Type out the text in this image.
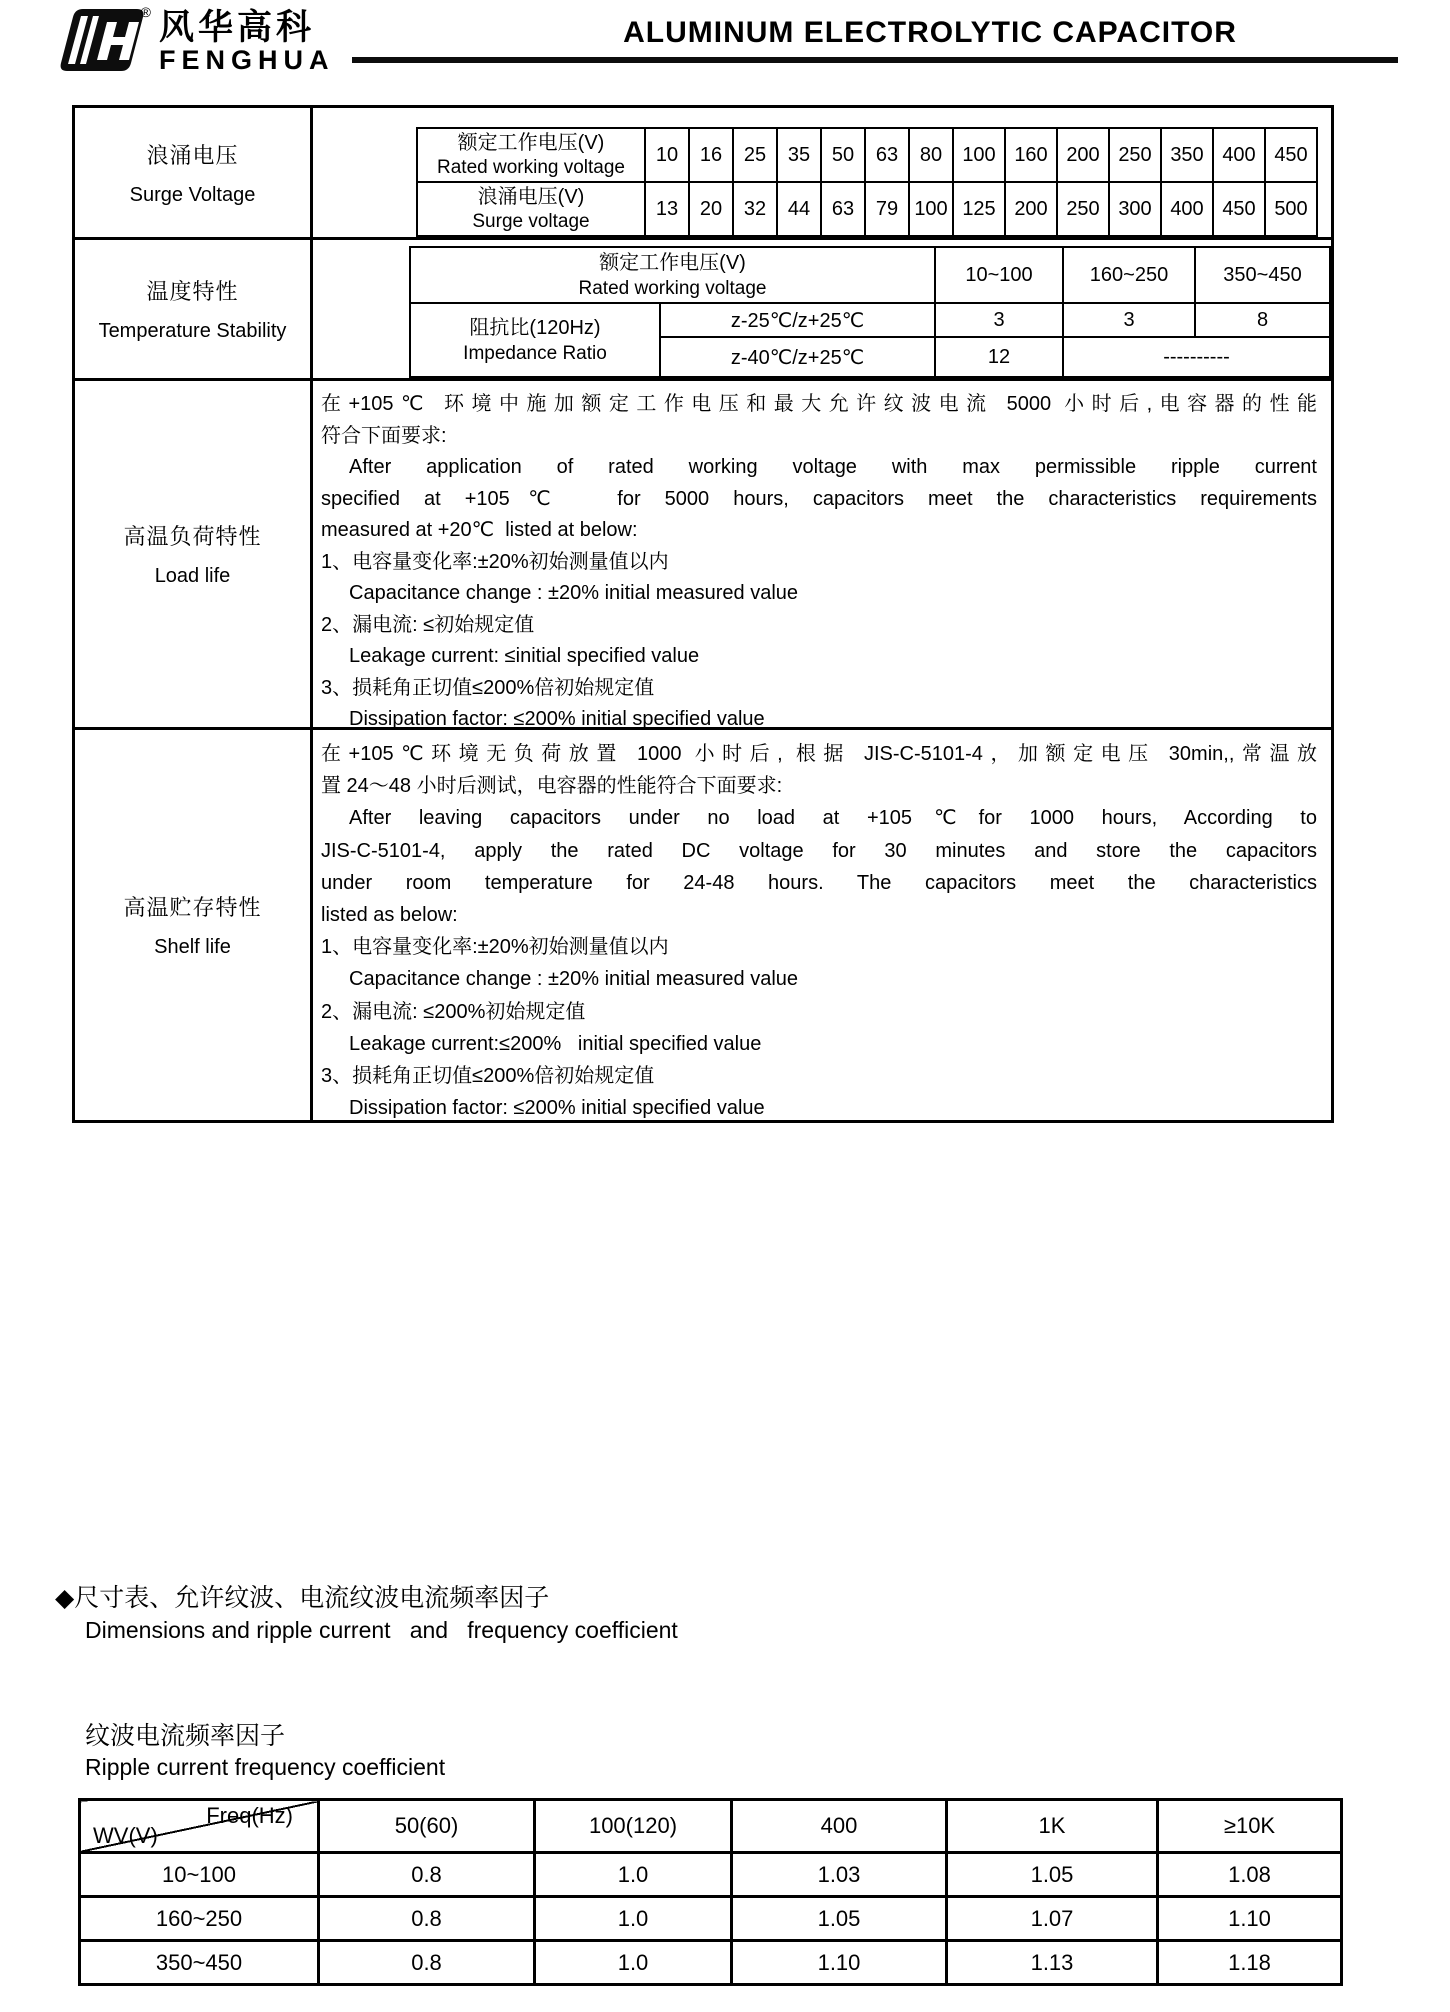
® 风华高科
FENGHUA
ALUMINUM ELECTROLYTIC CAPACITOR
浪涌电压
Surge Voltage

额定工作电压(V)
Rated working voltage
	10	16	25	35	50	63	80	100	160	200	250	350	400	450

浪涌电压(V)
Surge voltage
	13	20	32	44	63	79	100	125	200	250	300	400	450	500

温度特性
Temperature Stability

额定工作电压(V)
Rated working voltage
	10~100	160~250	350~450

阻抗比(120Hz)
Impedance Ratio
	z-25℃/z+25℃	3	3	8
z-40℃/z+25℃	12	----------

高温负荷特性
Load life

在+105℃ 环境中施加额定工作电压和最大允许纹波电流 5000 小时后,电容器的性能
符合下面要求:
After application of rated working voltage with max permissible ripple current
specified at +105℃  for 5000 hours, capacitors meet the characteristics requirements
measured at +20℃  listed at below:
1、电容量变化率:±20%初始测量值以内
Capacitance change : ±20% initial measured value
2、漏电流: ≤初始规定值
Leakage current: ≤initial specified value
3、损耗角正切值≤200%倍初始规定值
Dissipation factor: ≤200% initial specified value

高温贮存特性
Shelf life

在+105℃环境无负荷放置 1000 小时后, 根据 JIS-C-5101-4，加额定电压 30min,,常温放
置 24～48 小时后测试，电容器的性能符合下面要求:
After leaving capacitors under no load at +105℃for 1000 hours, According to
JIS-C-5101-4, apply the rated DC voltage for 30 minutes and store the capacitors
under room temperature for 24-48 hours. The capacitors meet the characteristics
listed as below:
1、电容量变化率:±20%初始测量值以内
Capacitance change : ±20% initial measured value
2、漏电流: ≤200%初始规定值
Leakage current:≤200%   initial specified value
3、损耗角正切值≤200%倍初始规定值
Dissipation factor: ≤200% initial specified value
◆尺寸表、允许纹波、电流纹波电流频率因子
Dimensions and ripple current   and   frequency coefficient
纹波电流频率因子
Ripple current frequency coefficient
Freq(Hz)
WV(V)	50(60)	100(120)	400	1K	≥10K
10~100	0.8	1.0	1.03	1.05	1.08
160~250	0.8	1.0	1.05	1.07	1.10
350~450	0.8	1.0	1.10	1.13	1.18
